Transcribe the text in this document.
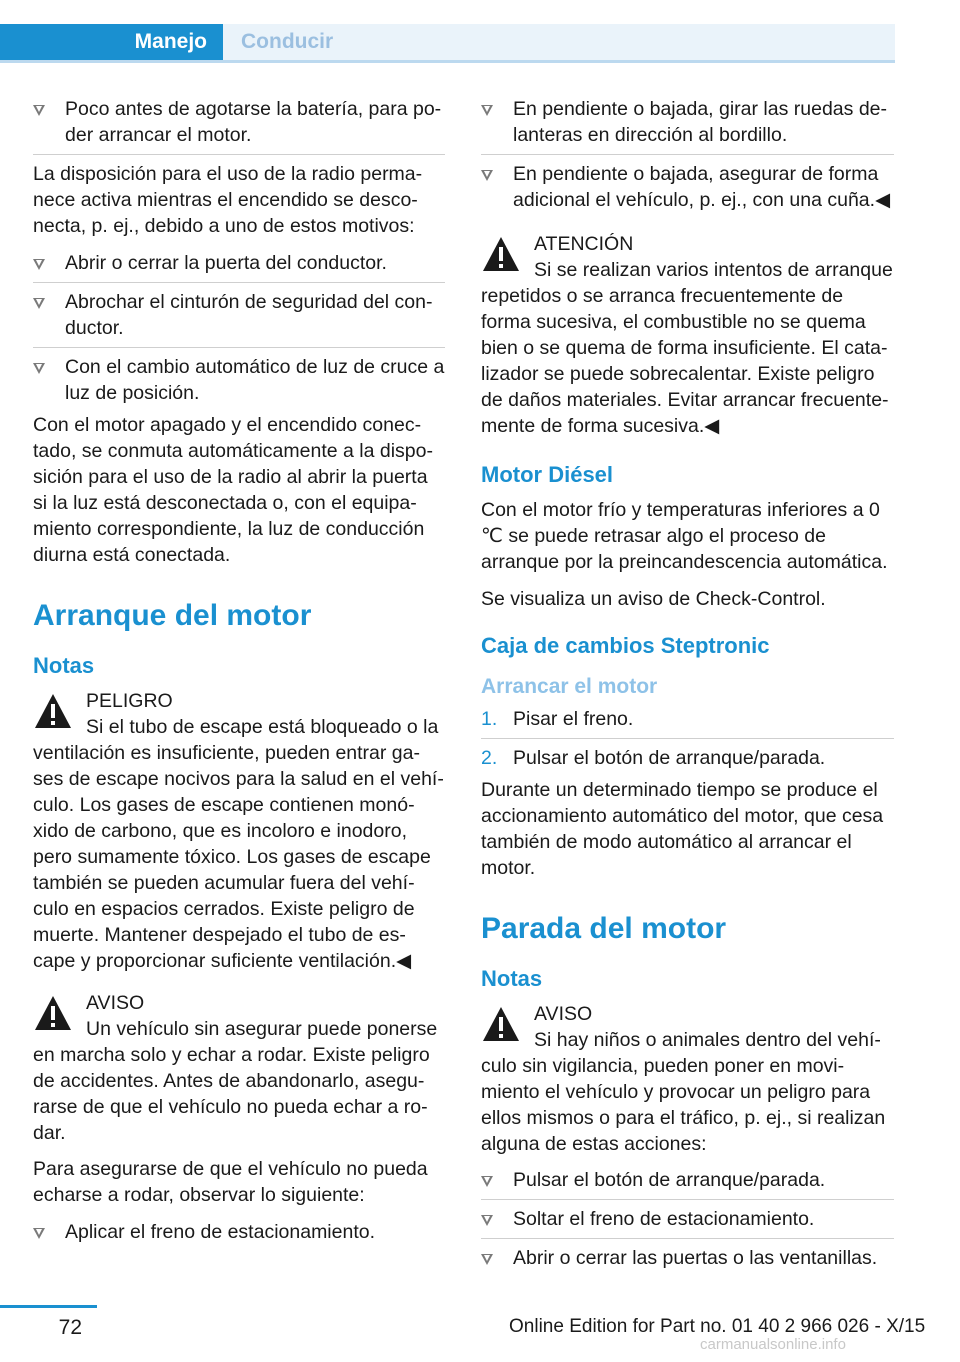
Manejo	Conducir
Poco antes de agotarse la batería, para po‐der arrancar el motor.

La disposición para el uso de la radio perma‐nece activa mientras el encendido se desco‐necta, p. ej., debido a uno de estos motivos:

Abrir o cerrar la puerta del conductor.
Abrochar el cinturón de seguridad del con‐ductor.
Con el cambio automático de luz de cruce a luz de posición.

Con el motor apagado y el encendido conec‐tado, se conmuta automáticamente a la dispo‐sición para el uso de la radio al abrir la puerta si la luz está desconectada o, con el equipa‐miento correspondiente, la luz de conducción diurna está conectada.

Arranque del motor
Notas
PELIGRO

Si el tubo de escape está bloqueado o la

ventilación es insuficiente, pueden entrar ga‐ses de escape nocivos para la salud en el vehí‐culo. Los gases de escape contienen monó‐xido de carbono, que es incoloro e inodoro, pero sumamente tóxico. Los gases de escape también se pueden acumular fuera del vehí‐culo en espacios cerrados. Existe peligro de muerte. Mantener despejado el tubo de es‐cape y proporcionar suficiente ventilación.◀

AVISO

Un vehículo sin asegurar puede ponerse

en marcha solo y echar a rodar. Existe peligro de accidentes. Antes de abandonarlo, asegu‐rarse de que el vehículo no pueda echar a ro‐dar.

Para asegurarse de que el vehículo no pueda echarse a rodar, observar lo siguiente:

Aplicar el freno de estacionamiento.
En pendiente o bajada, girar las ruedas de‐lanteras en dirección al bordillo.
En pendiente o bajada, asegurar de forma adicional el vehículo, p. ej., con una cuña.◀
ATENCIÓN

Si se realizan varios intentos de arranque

repetidos o se arranca frecuentemente de forma sucesiva, el combustible no se quema bien o se quema de forma insuficiente. El cata‐lizador se puede sobrecalentar. Existe peligro de daños materiales. Evitar arrancar frecuente‐mente de forma sucesiva.◀

Motor Diésel

Con el motor frío y temperaturas inferiores a 0 ℃ se puede retrasar algo el proceso de arranque por la preincandescencia automática.

Se visualiza un aviso de Check-Control.

Caja de cambios Steptronic
Arrancar el motor
1. Pisar el freno.
2. Pulsar el botón de arranque/parada.

Durante un determinado tiempo se produce el accionamiento automático del motor, que cesa también de modo automático al arrancar el motor.

Parada del motor
Notas
AVISO

Si hay niños o animales dentro del vehí‐

culo sin vigilancia, pueden poner en movi‐miento el vehículo y provocar un peligro para ellos mismos o para el tráfico, p. ej., si realizan alguna de estas acciones:

Pulsar el botón de arranque/parada.
Soltar el freno de estacionamiento.
Abrir o cerrar las puertas o las ventanillas.
72	Online Edition for Part no. 01 40 2 966 026 - X/15
carmanualsonline.info
